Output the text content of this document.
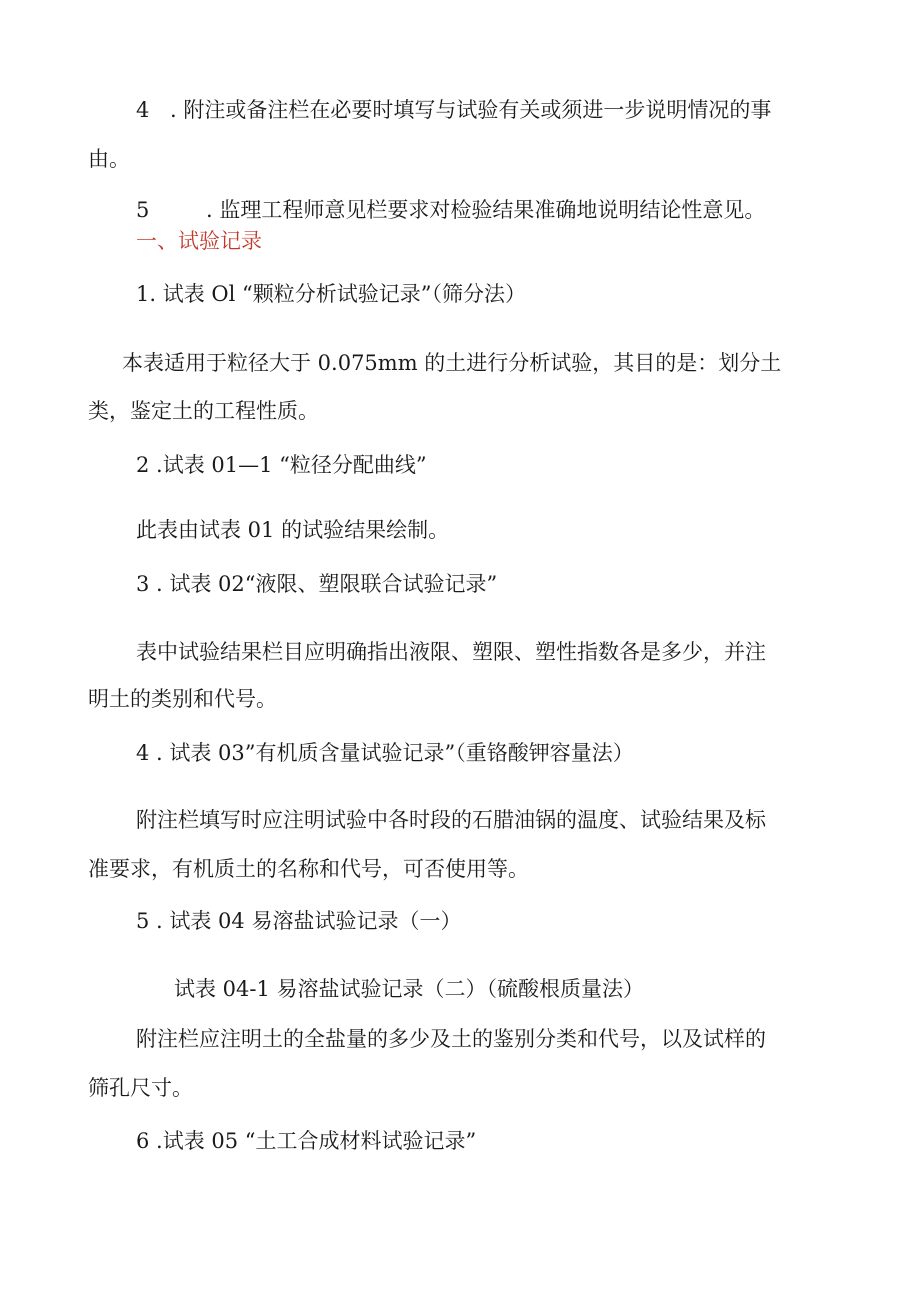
4 . 附注或备注栏在必要时填写与试验有关或须进一步说明情况的事
由。
5	. 监理工程师意见栏要求对检验结果准确地说明结论性意见。
一、试验记录
1. 试表 Ol “颗粒分析试验记录”（筛分法）
本表适用于粒径大于 0.075mm 的土进行分析试验，其目的是：划分土
类，鉴定土的工程性质。
2 .试表 01—1 “粒径分配曲线”
此表由试表 01 的试验结果绘制。
3 . 试表 02“液限、塑限联合试验记录”
表中试验结果栏目应明确指出液限、塑限、塑性指数各是多少，并注
明土的类别和代号。
4 . 试表 03”有机质含量试验记录”（重铬酸钾容量法）
附注栏填写时应注明试验中各时段的石腊油锅的温度、试验结果及标
准要求，有机质土的名称和代号，可否使用等。
5 . 试表 04 易溶盐试验记录（一）
试表 04-1 易溶盐试验记录（二）（硫酸根质量法）
附注栏应注明土的全盐量的多少及土的鉴别分类和代号，以及试样的
筛孔尺寸。
6 .试表 05 “土工合成材料试验记录”
